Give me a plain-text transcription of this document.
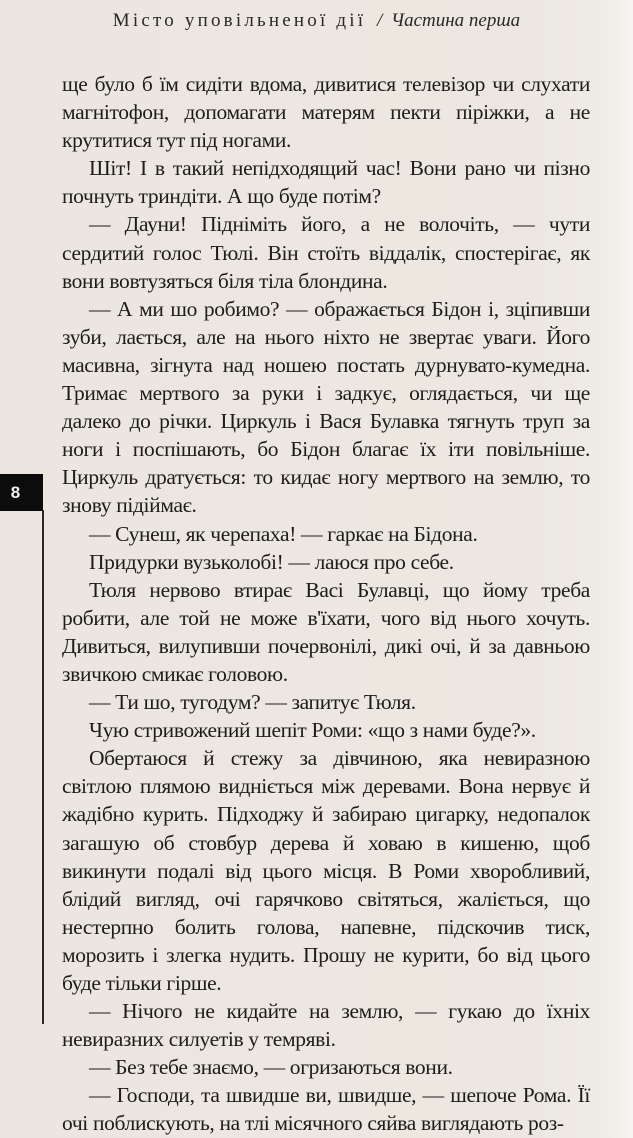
Місто уповільненої дії / Частина перша
8

ще було б їм сидіти вдома, дивитися телевізор чи слухати магнітофон, допомагати матерям пекти піріжки, а не крутитися тут під ногами.

Шіт! І в такий непідходящий час! Вони рано чи пізно почнуть триндіти. А що буде потім?

— Дауни! Підніміть його, а не волочіть, — чути сердитий голос Тюлі. Він стоїть віддалік, спостерігає, як вони вовтузяться біля тіла блондина.

— А ми шо робимо? — ображається Бідон і, зціпивши зуби, лається, але на нього ніхто не звертає уваги. Його масивна, зігнута над ношею постать дурнувато-кумедна. Тримає мертвого за руки і задкує, оглядається, чи ще далеко до річки. Циркуль і Вася Булавка тягнуть труп за ноги і поспішають, бо Бідон благає їх іти повільніше. Циркуль дратується: то кидає ногу мертвого на землю, то знову підіймає.

— Сунеш, як черепаха! — гаркає на Бідона.

Придурки вузьколобі! — лаюся про себе.

Тюля нервово втирає Васі Булавці, що йому треба робити, але той не може в'їхати, чого від нього хочуть. Дивиться, вилупивши почервонілі, дикі очі, й за давньою звичкою смикає головою.

— Ти шо, тугодум? — запитує Тюля.

Чую стривожений шепіт Роми: «що з нами буде?».

Обертаюся й стежу за дівчиною, яка невиразною світлою плямою видніється між деревами. Вона нервує й жадібно курить. Підходжу й забираю цигарку, недопалок загашую об стовбур дерева й ховаю в кишеню, щоб викинути подалі від цього місця. В Роми хворобливий, блідий вигляд, очі гарячково світяться, жаліється, що нестерпно болить голова, напевне, підскочив тиск, морозить і злегка нудить. Прошу не курити, бо від цього буде тільки гірше.

— Нічого не кидайте на землю, — гукаю до їхніх невиразних силуетів у темряві.

— Без тебе знаємо, — огризаються вони.

— Господи, та швидше ви, швидше, — шепоче Рома. Її очі поблискують, на тлі місячного сяйва виглядають роз-
